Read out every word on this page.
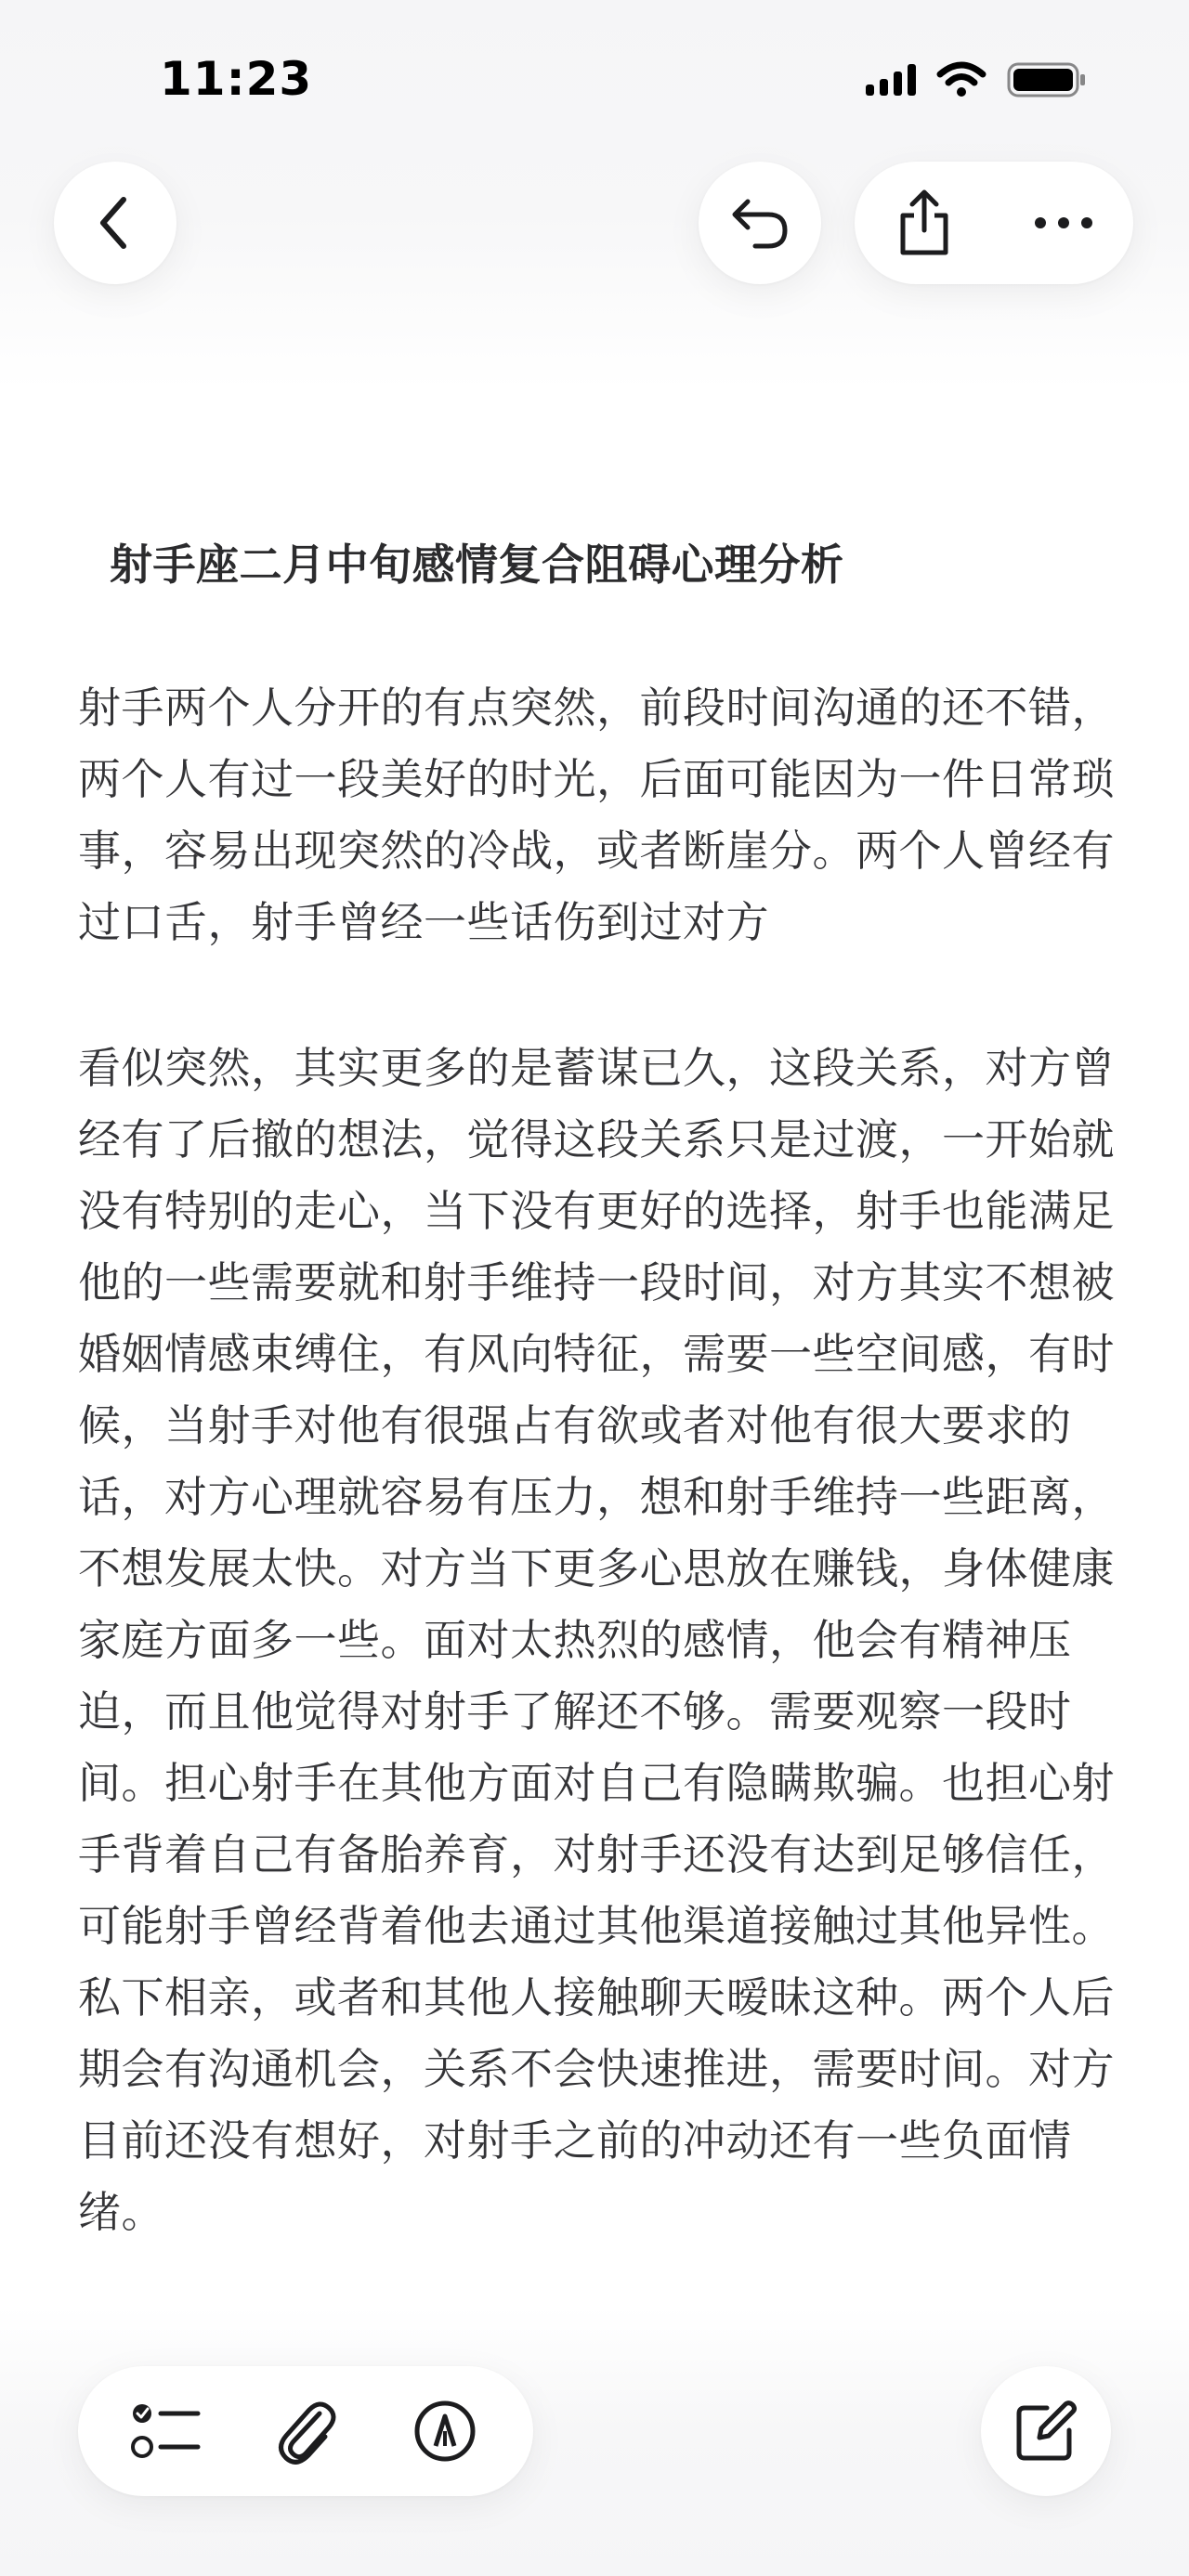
11:23
射手座二月中旬感情复合阻碍心理分析

射手两个人分开的有点突然，前段时间沟通的还不错，两个人有过一段美好的时光，后面可能因为一件日常琐事，容易出现突然的冷战，或者断崖分。两个人曾经有过口舌，射手曾经一些话伤到过对方

看似突然，其实更多的是蓄谋已久，这段关系，对方曾经有了后撤的想法，觉得这段关系只是过渡，一开始就没有特别的走心，当下没有更好的选择，射手也能满足他的一些需要就和射手维持一段时间，对方其实不想被婚姻情感束缚住，有风向特征，需要一些空间感，有时候，当射手对他有很强占有欲或者对他有很大要求的话，对方心理就容易有压力，想和射手维持一些距离，不想发展太快。对方当下更多心思放在赚钱，身体健康家庭方面多一些。面对太热烈的感情，他会有精神压迫，而且他觉得对射手了解还不够。需要观察一段时间。担心射手在其他方面对自己有隐瞒欺骗。也担心射手背着自己有备胎养育，对射手还没有达到足够信任，可能射手曾经背着他去通过其他渠道接触过其他异性。私下相亲，或者和其他人接触聊天暧昧这种。两个人后期会有沟通机会，关系不会快速推进，需要时间。对方目前还没有想好，对射手之前的冲动还有一些负面情绪。
